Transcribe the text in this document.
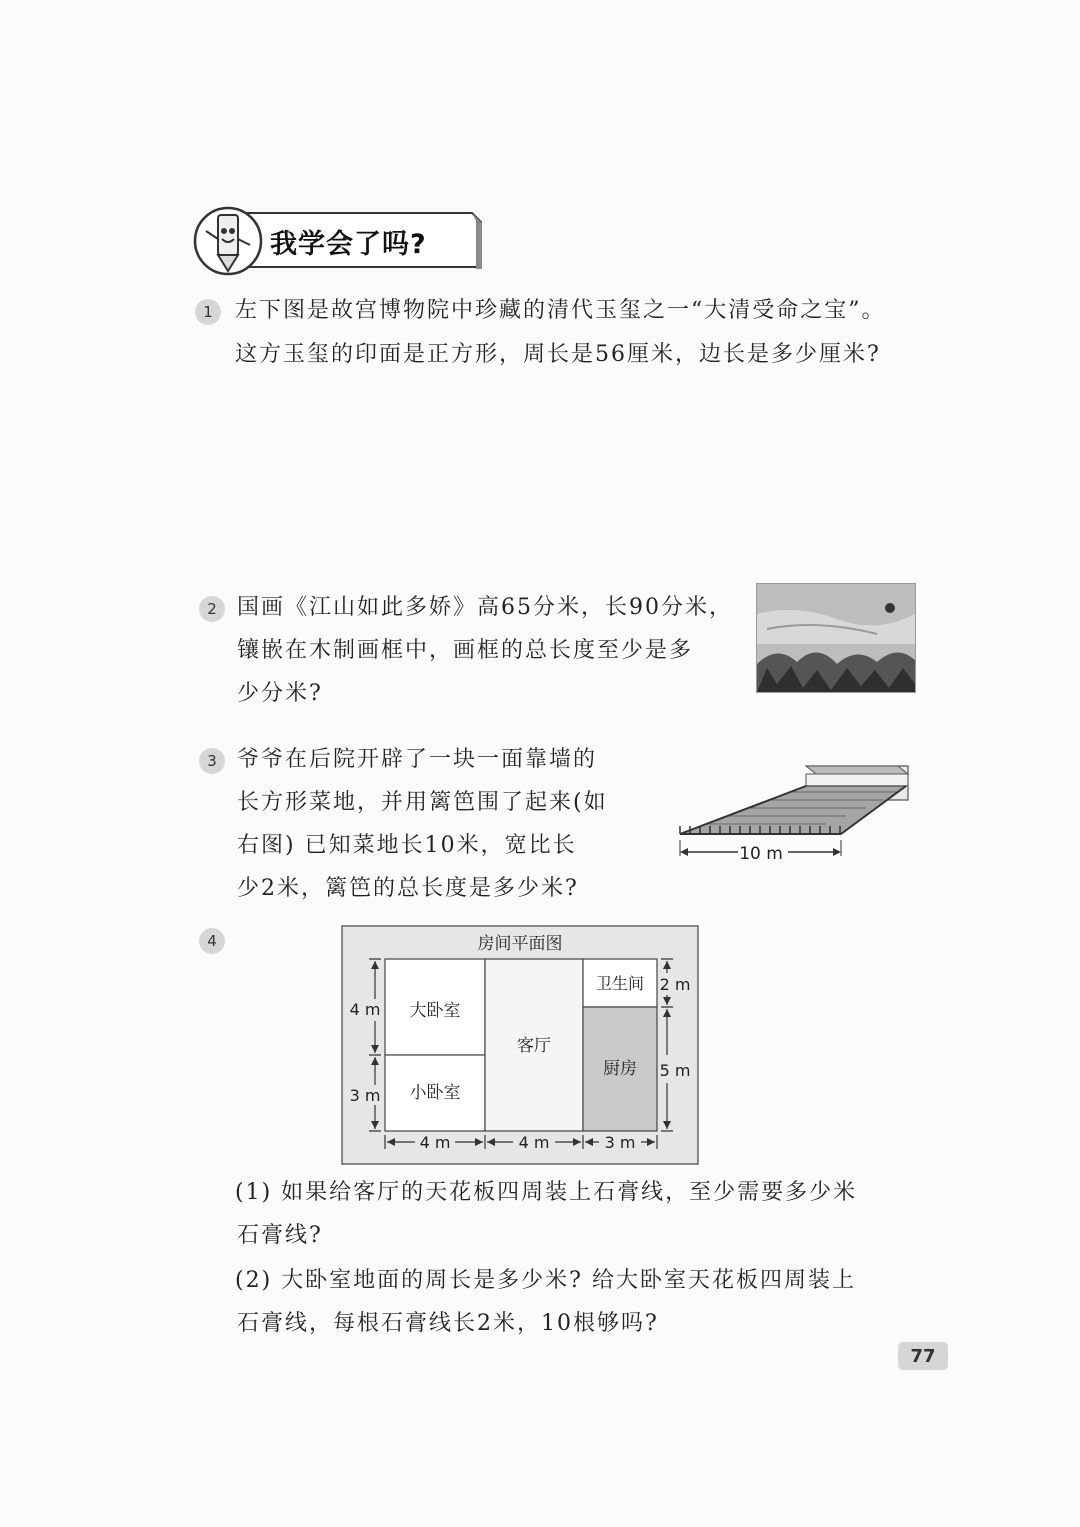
我学会了吗?
1	左下图是故宫博物院中珍藏的清代玉玺之一“大清受命之宝”。
这方玉玺的印面是正方形，周长是56厘米，边长是多少厘米?
2 国画《江山如此多娇》高65分米，长90分米，
镶嵌在木制画框中，画框的总长度至少是多
少分米?
3 爷爷在后院开辟了一块一面靠墙的
长方形菜地，并用篱笆围了起来(如
右图) 已知菜地长10米，宽比长
少2米，篱笆的总长度是多少米?
10 m
4	房间平面图
大卧室
小卧室
客厅
卫生间
厨房
4 m
3 m
2 m
5 m
4 m	4 m	3 m
(1) 如果给客厅的天花板四周装上石膏线，至少需要多少米
石膏线?
(2) 大卧室地面的周长是多少米? 给大卧室天花板四周装上
石膏线，每根石膏线长2米，10根够吗?
77
